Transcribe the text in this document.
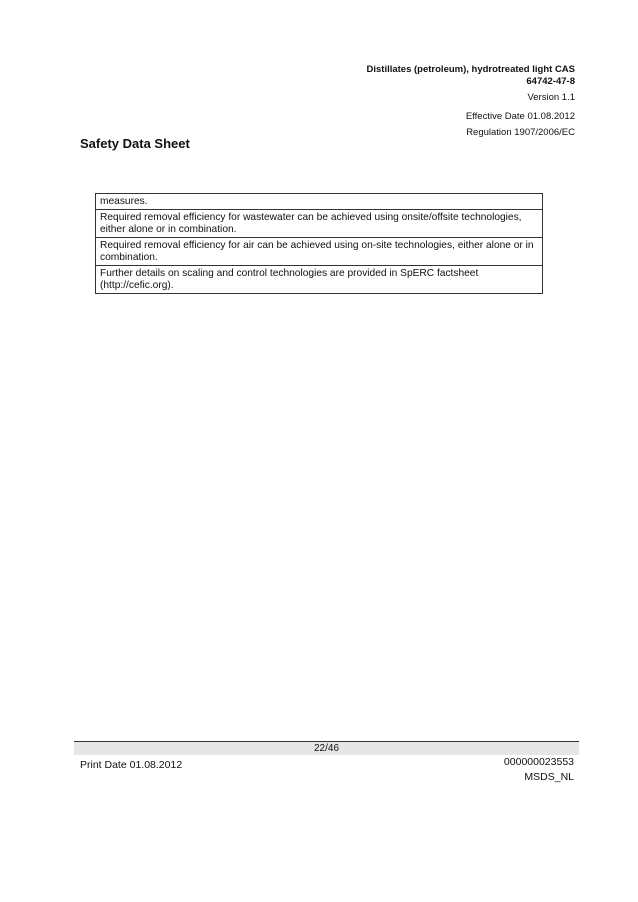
Distillates (petroleum), hydrotreated light CAS
64742-47-8
Version 1.1
Effective Date 01.08.2012
Regulation 1907/2006/EC
Safety Data Sheet
measures.
Required removal efficiency for wastewater can be achieved using onsite/offsite technologies, either alone or in combination.
Required removal efficiency for air can be achieved using on-site technologies, either alone or in combination.
Further details on scaling and control technologies are provided in SpERC factsheet (http://cefic.org).
22/46
Print Date 01.08.2012	000000023553
MSDS_NL
